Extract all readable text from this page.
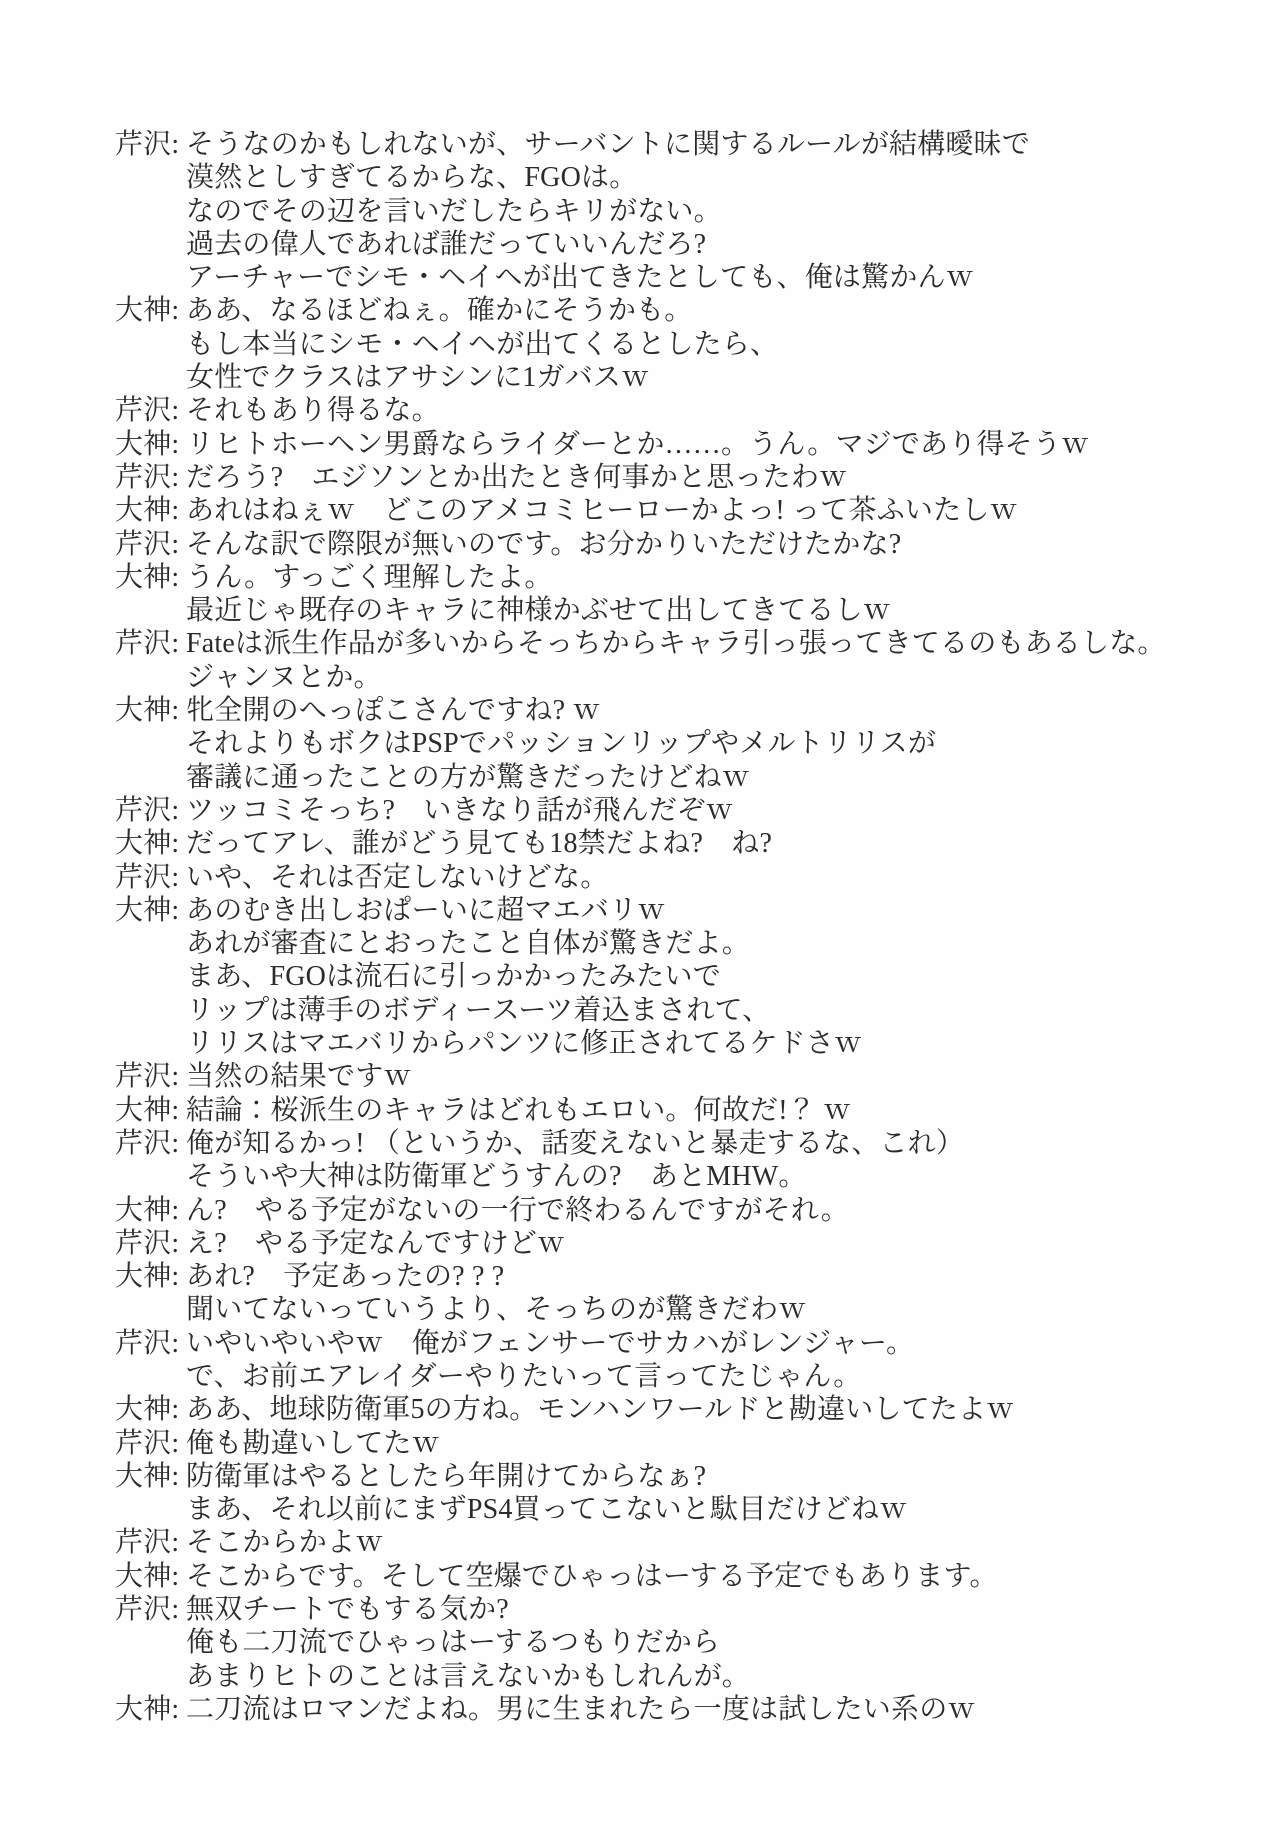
芹沢: そうなのかもしれないが、サーバントに関するルールが結構曖昧で
漠然としすぎてるからな、FGOは。
なのでその辺を言いだしたらキリがない。
過去の偉人であれば誰だっていいんだろ?
アーチャーでシモ・ヘイヘが出てきたとしても、俺は驚かんｗ
大神: ああ、なるほどねぇ。確かにそうかも。
もし本当にシモ・ヘイヘが出てくるとしたら、
女性でクラスはアサシンに1ガバスｗ
芹沢: それもあり得るな。
大神: リヒトホーヘン男爵ならライダーとか……。うん。マジであり得そうｗ
芹沢: だろう?　エジソンとか出たとき何事かと思ったわｗ
大神: あれはねぇｗ　どこのアメコミヒーローかよっ! って茶ふいたしｗ
芹沢: そんな訳で際限が無いのです。お分かりいただけたかな?
大神: うん。すっごく理解したよ。
最近じゃ既存のキャラに神様かぶせて出してきてるしｗ
芹沢: Fateは派生作品が多いからそっちからキャラ引っ張ってきてるのもあるしな。
ジャンヌとか。
大神: 牝全開のへっぽこさんですね? ｗ
それよりもボクはPSPでパッションリップやメルトリリスが
審議に通ったことの方が驚きだったけどねｗ
芹沢: ツッコミそっち?　いきなり話が飛んだぞｗ
大神: だってアレ、誰がどう見ても18禁だよね?　ね?
芹沢: いや、それは否定しないけどな。
大神: あのむき出しおぱーいに超マエバリｗ
あれが審査にとおったこと自体が驚きだよ。
まあ、FGOは流石に引っかかったみたいで
リップは薄手のボディースーツ着込まされて、
リリスはマエバリからパンツに修正されてるケドさｗ
芹沢: 当然の結果ですｗ
大神: 結論：桜派生のキャラはどれもエロい。何故だ!？ ｗ
芹沢: 俺が知るかっ! （というか、話変えないと暴走するな、これ）
そういや大神は防衛軍どうすんの?　あとMHW。
大神: ん?　やる予定がないの一行で終わるんですがそれ。
芹沢: え?　やる予定なんですけどｗ
大神: あれ?　予定あったの? ? ?
聞いてないっていうより、そっちのが驚きだわｗ
芹沢: いやいやいやｗ　俺がフェンサーでサカハがレンジャー。
で、お前エアレイダーやりたいって言ってたじゃん。
大神: ああ、地球防衛軍5の方ね。モンハンワールドと勘違いしてたよｗ
芹沢: 俺も勘違いしてたｗ
大神: 防衛軍はやるとしたら年開けてからなぁ?
まあ、それ以前にまずPS4買ってこないと駄目だけどねｗ
芹沢: そこからかよｗ
大神: そこからです。そして空爆でひゃっはーする予定でもあります。
芹沢: 無双チートでもする気か?
俺も二刀流でひゃっはーするつもりだから
あまりヒトのことは言えないかもしれんが。
大神: 二刀流はロマンだよね。男に生まれたら一度は試したい系のｗ
